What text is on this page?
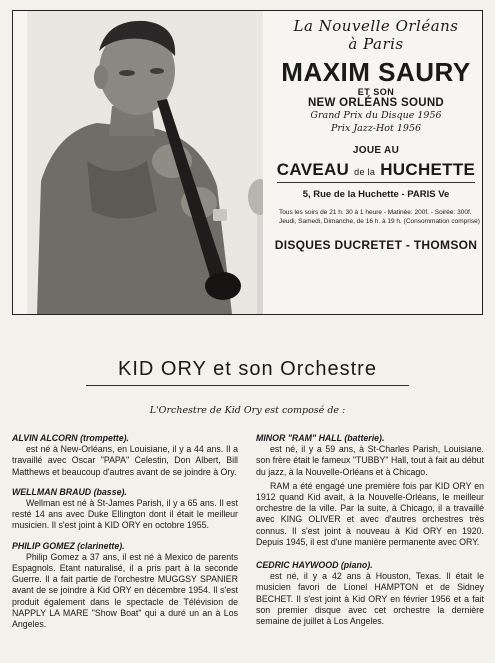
La Nouvelle Orléans
à Paris
MAXIM SAURY
ET SON
NEW ORLÉANS SOUND
Grand Prix du Disque 1956
Prix Jazz-Hot 1956
JOUE AU
CAVEAU de la HUCHETTE
5, Rue de la Huchette - PARIS Ve
Tous les soirs de 21 h. 30 à 1 heure - Matinée: 200f. - Soirée: 300f.
Jeudi, Samedi, Dimanche, de 16 h. à 19 h. (Consommation comprise)
DISQUES DUCRETET - THOMSON
KID ORY et son Orchestre
L'Orchestre de Kid Ory est composé de :

ALVIN ALCORN (trompette).

est né à New-Orléans, en Louisiane, il y a 44 ans. Il a travaillé avec Oscar "PAPA" Celestin, Don Albert, Bill Matthews et beaucoup d'autres avant de se joindre à Ory.

WELLMAN BRAUD (basse).

Wellman est né à St-James Parish, il y a 65 ans. Il est resté 14 ans avec Duke Ellington dont il était le meilleur musicien. Il s'est joint à KID ORY en octobre 1955.

PHILIP GOMEZ (clarinette).

Philip Gomez a 37 ans, il est né à Mexico de parents Espagnols. Etant naturalisé, il a pris part à la seconde Guerre. Il a fait partie de l'orchestre MUGGSY SPANIER avant de se joindre à Kid ORY en décembre 1954. Il s'est produit également dans le spectacle de Télévision de NAPPLY LA MARE "Show Boat" qui a duré un an à Los Angeles.

MINOR "RAM" HALL (batterie).

est né, il y a 59 ans, à St-Charles Parish, Louisiane. son frère était le fameux "TUBBY" Hall, tout à fait au début du jazz, à la Nouvelle-Orléans et à Chicago.

RAM a été engagé une première fois par KID ORY en 1912 quand Kid avait, à la Nouvelle-Orléans, le meilleur orchestre de la ville. Par la suite, à Chicago, il a travaillé avec KING OLIVER et avec d'autres orchestres très connus. Il s'est joint à nouveau à Kid ORY en 1920. Depuis 1945, il est d'une manière permanente avec ORY.

CEDRIC HAYWOOD (piano).

est né, il y a 42 ans à Houston, Texas. Il était le musicien favori de Lionel HAMPTON et de Sidney BECHET. Il s'est joint à Kid ORY en février 1956 et a fait son premier disque avec cet orchestre la dernière semaine de juillet à Los Angeles.
